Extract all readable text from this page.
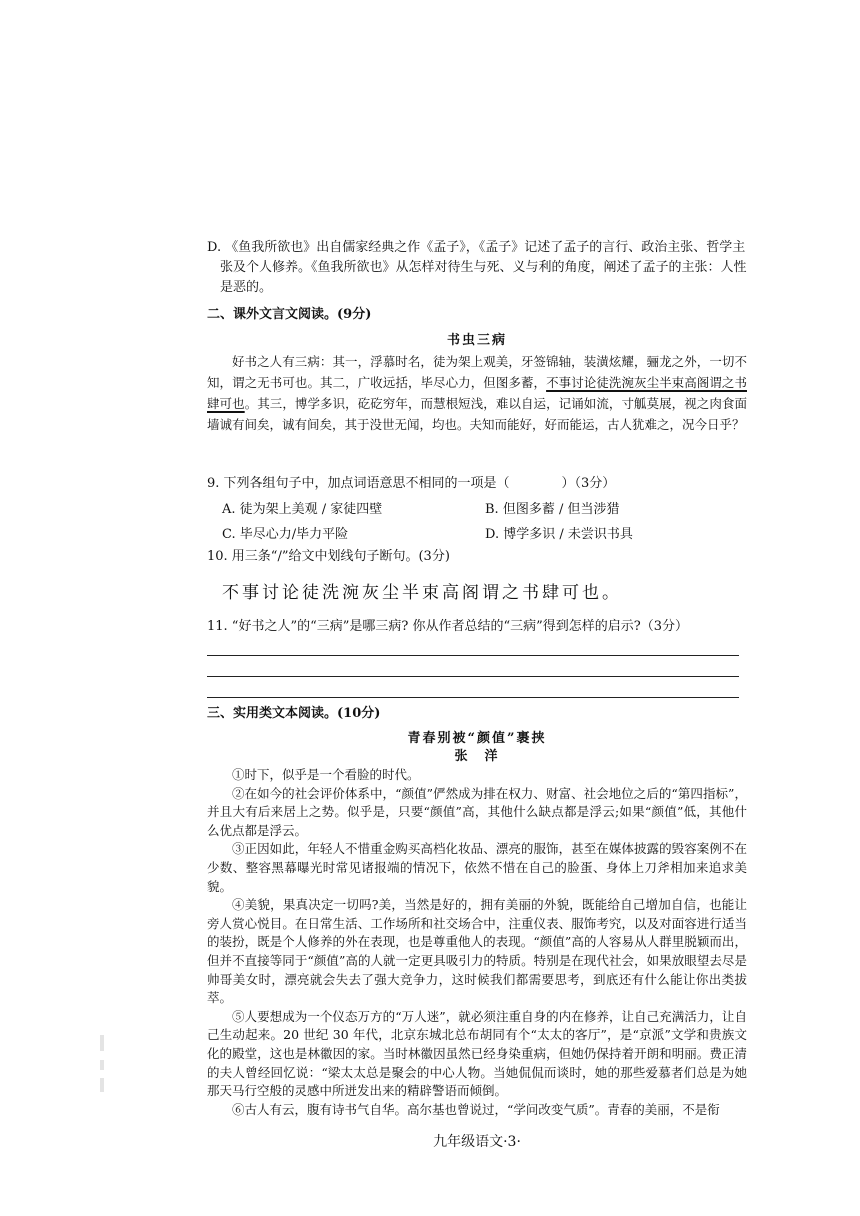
D. 《鱼我所欲也》出自儒家经典之作《孟子》，《孟子》记述了孟子的言行、政治主张、哲学主张及个人修养。《鱼我所欲也》从怎样对待生与死、义与利的角度，阐述了孟子的主张：人性是恶的。
二、课外文言文阅读。(9分)
书虫三病
好书之人有三病：其一，浮慕时名，徒为架上观美，牙签锦轴，装潢炫耀，骊龙之外，一切不知，谓之无书可也。其二，广收远括，毕尽心力，但图多蓄，不事讨论徒洗涴灰尘半束高阁谓之书肆可也。其三，博学多识，矻矻穷年，而慧根短浅，难以自运，记诵如流，寸觚莫展，视之肉食面墙诚有间矣，诚有间矣，其于没世无闻，均也。夫知而能好，好而能运，古人犹难之，况今日乎？
9. 下列各组句子中，加点词语意思不相同的一项是（　　　　）（3分）
A. 徒为架上美观 / 家徒四壁	B. 但图多蓄 / 但当涉猎
C. 毕尽心力/毕力平险	D. 博学多识 / 未尝识书具
10. 用三条“/”给文中划线句子断句。(3分)
不事讨论徒洗涴灰尘半束高阁谓之书肆可也。
11. “好书之人”的“三病”是哪三病? 你从作者总结的“三病”得到怎样的启示?（3分）
三、实用类文本阅读。(10分)
青春别被“颜值”裹挟
张　洋
①时下，似乎是一个看脸的时代。
②在如今的社会评价体系中，“颜值”俨然成为排在权力、财富、社会地位之后的“第四指标”，并且大有后来居上之势。似乎是，只要“颜值”高，其他什么缺点都是浮云;如果“颜值”低，其他什么优点都是浮云。
③正因如此，年轻人不惜重金购买高档化妆品、漂亮的服饰，甚至在媒体披露的毁容案例不在少数、整容黑幕曝光时常见诸报端的情况下，依然不惜在自己的脸蛋、身体上刀斧相加来追求美貌。
④美貌，果真决定一切吗?美，当然是好的，拥有美丽的外貌，既能给自己增加自信，也能让旁人赏心悦目。在日常生活、工作场所和社交场合中，注重仪表、服饰考究，以及对面容进行适当的装扮，既是个人修养的外在表现，也是尊重他人的表现。“颜值”高的人容易从人群里脱颖而出，但并不直接等同于“颜值”高的人就一定更具吸引力的特质。特别是在现代社会，如果放眼望去尽是帅哥美女时，漂亮就会失去了强大竞争力，这时候我们都需要思考，到底还有什么能让你出类拔萃。
⑤人要想成为一个仪态万方的“万人迷”，就必须注重自身的内在修养，让自己充满活力，让自己生动起来。20 世纪 30 年代，北京东城北总布胡同有个“太太的客厅”，是“京派”文学和贵族文化的殿堂，这也是林徽因的家。当时林徽因虽然已经身染重病，但她仍保持着开朗和明丽。费正清的夫人曾经回忆说：“梁太太总是聚会的中心人物。当她侃侃而谈时，她的那些爱慕者们总是为她那天马行空般的灵感中所迸发出来的精辟警语而倾倒。
⑥古人有云，腹有诗书气自华。高尔基也曾说过，“学问改变气质”。青春的美丽，不是衔
九年级语文·3·
